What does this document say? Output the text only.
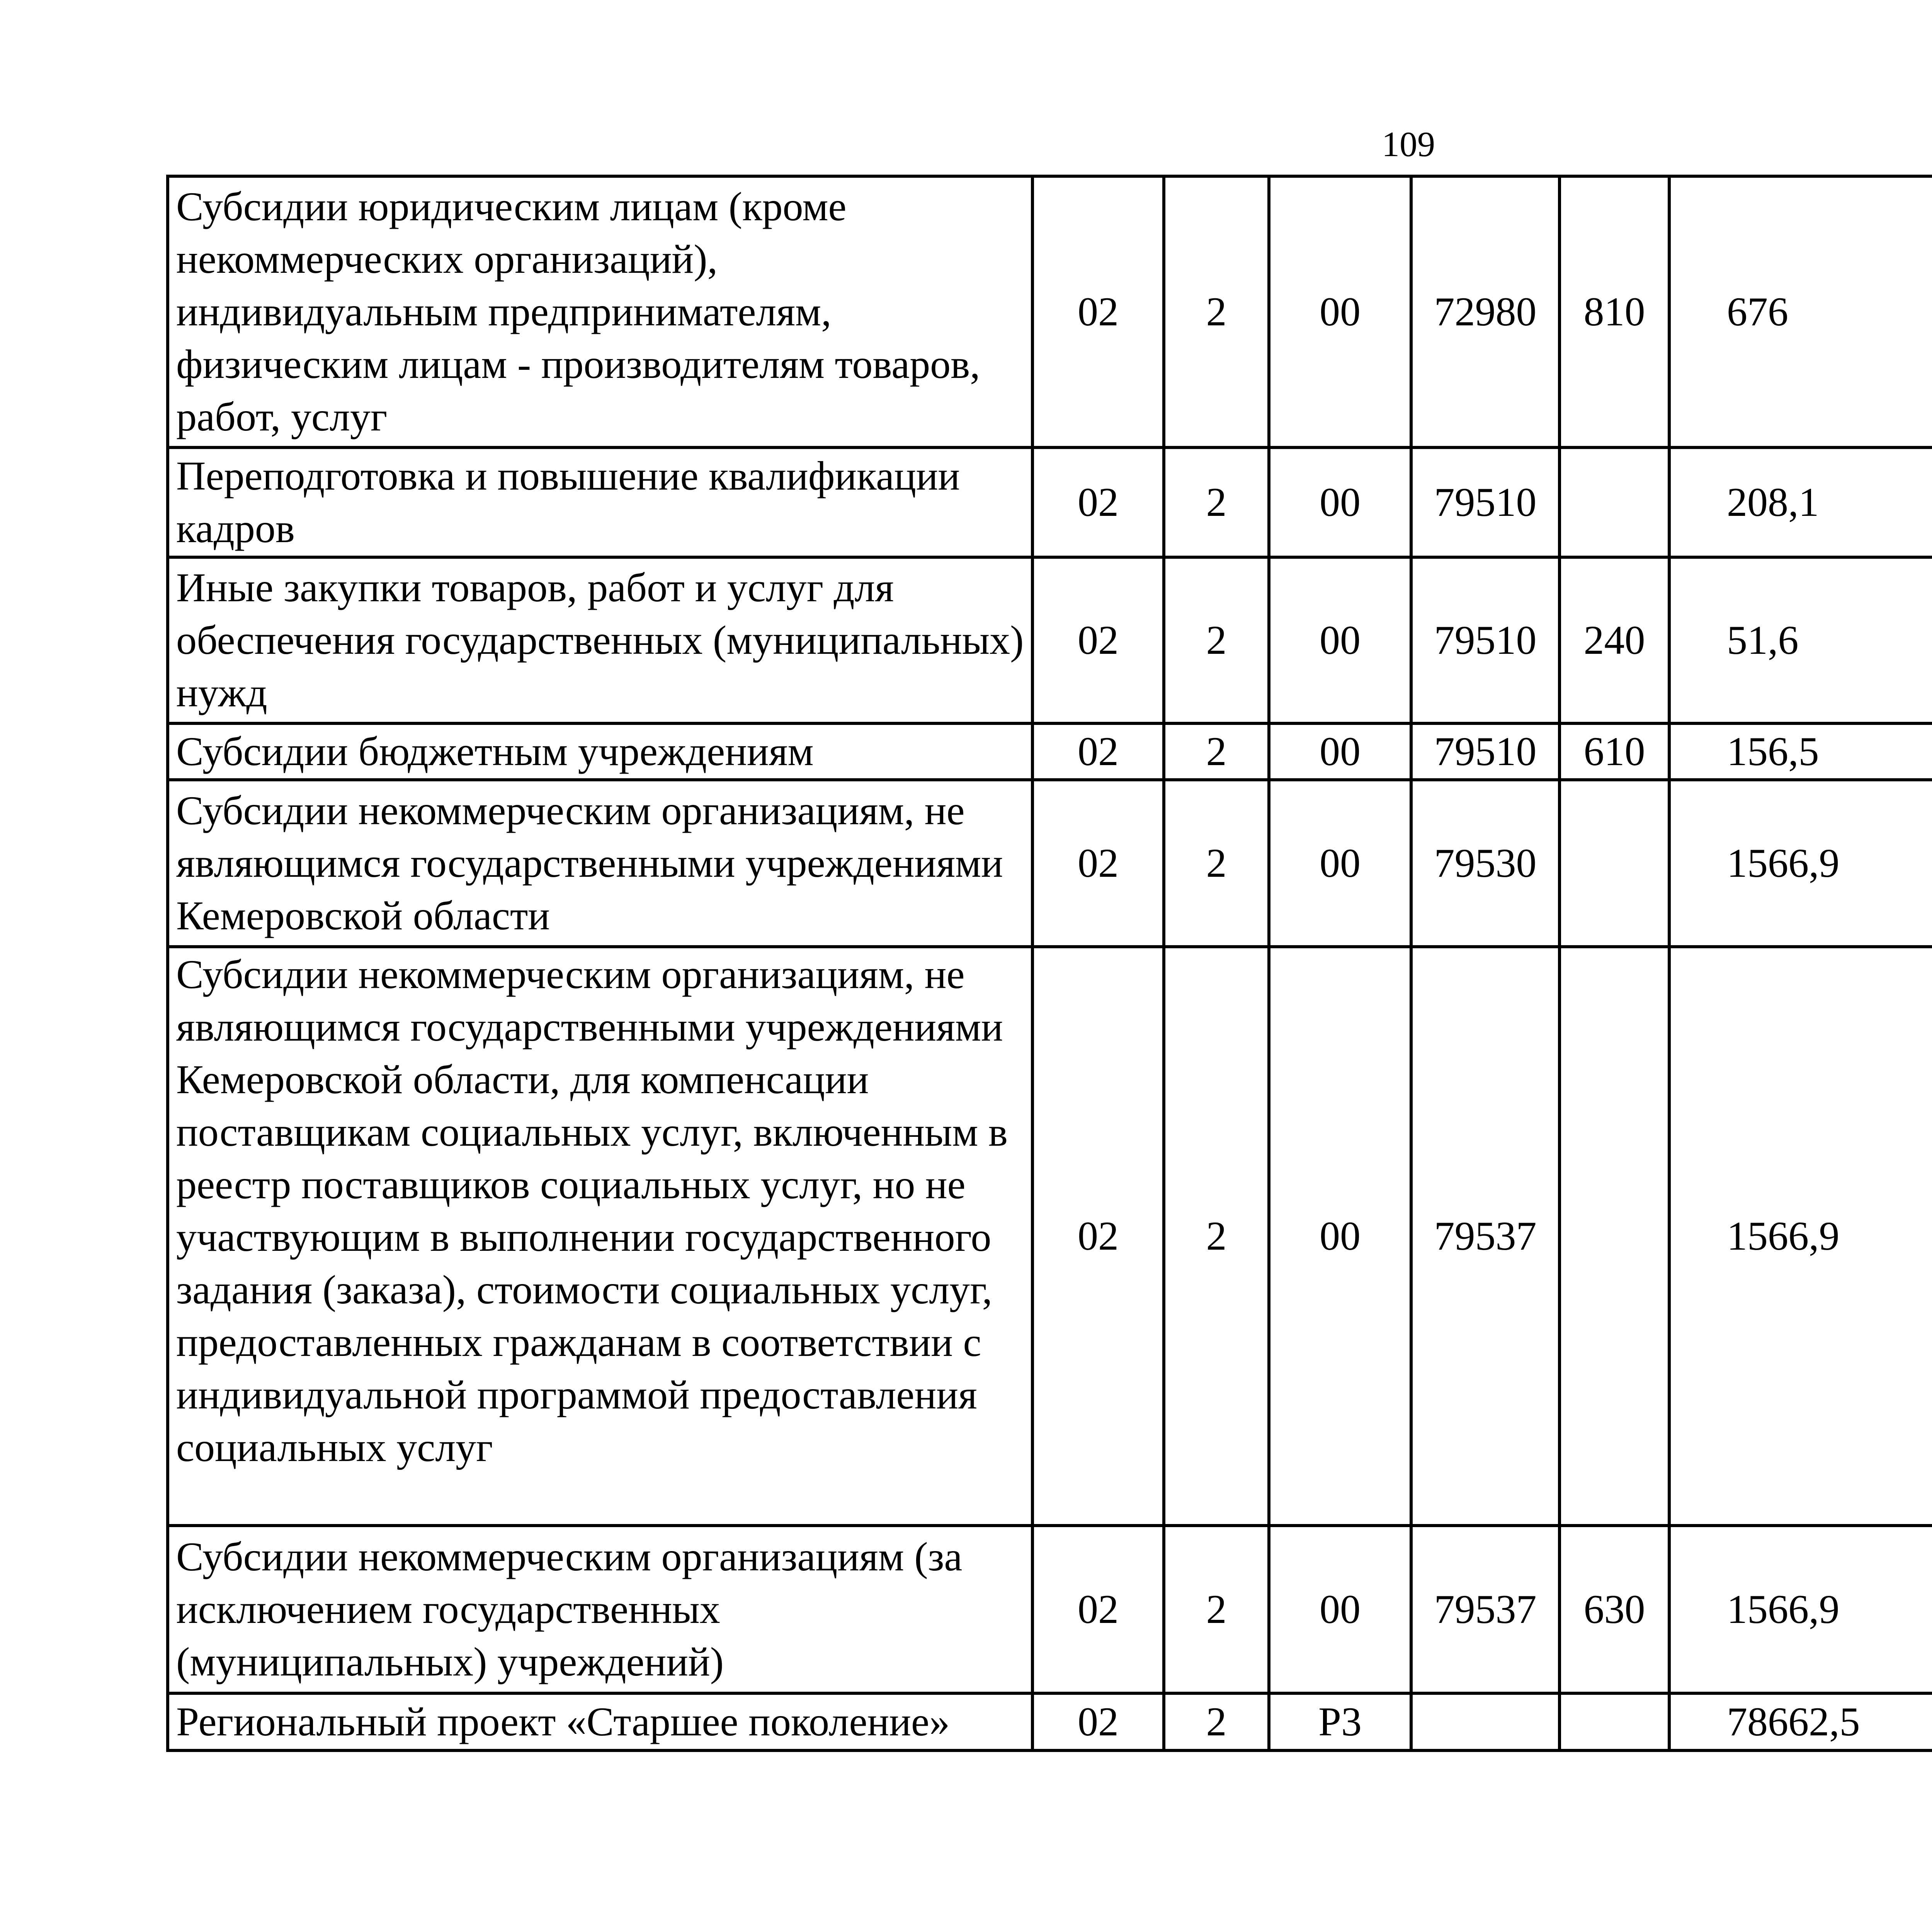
109
Субсидии юридическим лицам (кроме некоммерческих организаций), индивидуальным предпринимателям, физическим лицам - производителям товаров, работ, услуг	02	2	00	72980	810	676		
Переподготовка и повышение квалификации кадров	02	2	00	79510		208,1		
Иные закупки товаров, работ и услуг для обеспечения государственных (муниципальных) нужд	02	2	00	79510	240	51,6		
Субсидии бюджетным учреждениям	02	2	00	79510	610	156,5		
Субсидии некоммерческим организациям, не являющимся государственными учреждениями Кемеровской области	02	2	00	79530		1566,9		
Субсидии некоммерческим организациям, не являющимся государственными учреждениями Кемеровской области, для компенсации поставщикам социальных услуг, включенным в реестр поставщиков социальных услуг, но не участвующим в выполнении государственного задания (заказа), стоимости социальных услуг, предоставленных гражданам в соответствии с индивидуальной программой предоставления социальных услуг	02	2	00	79537		1566,9		
Субсидии некоммерческим организациям (за исключением государственных (муниципальных) учреждений)	02	2	00	79537	630	1566,9		
Региональный проект «Старшее поколение»	02	2	Р3			78662,5		
